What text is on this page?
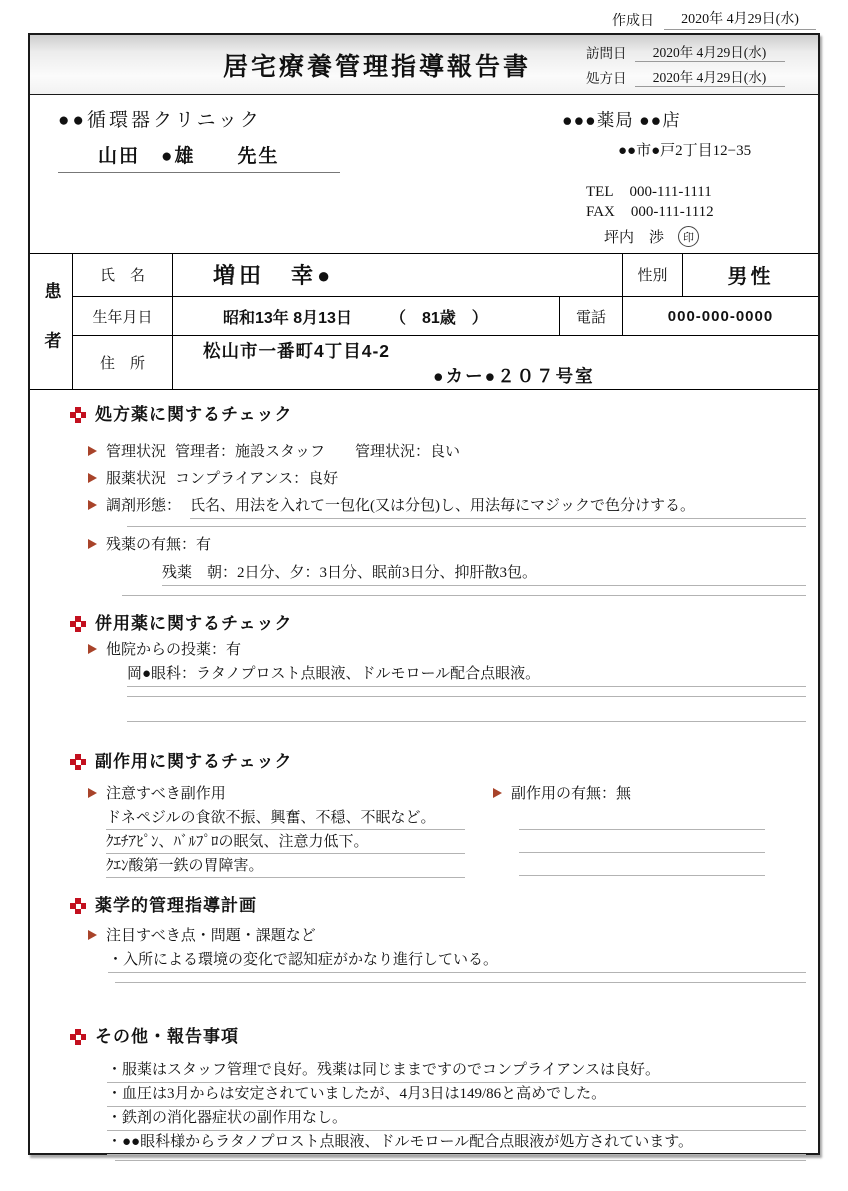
作成日	2020年 4月29日(水)
居宅療養管理指導報告書	訪問日	2020年 4月29日(水)
処方日	2020年 4月29日(水)
●●循環器クリニック
山田　●雄　　先生
●●●薬局 ●●店
●●市●戸2丁目12−35
TEL 000-111-1111
FAX 000-111-1112
坪内　渉	印
患者
氏　名	増田　幸●	性別	男性
生年月日	昭和13年 8月13日 （　81歳　）	電話	000-000-0000
住　所
松山市一番町4丁目4-2
●カー●２０７号室
処方薬に関するチェック
管理状況 管理者：施設スタッフ　　管理状況：良い
服薬状況 コンプライアンス：良好
調剤形態： 氏名、用法を入れて一包化(又は分包)し、用法毎にマジックで色分けする。
残薬の有無：有
残薬　朝：2日分、夕：3日分、眠前3日分、抑肝散3包。
併用薬に関するチェック
他院からの投薬：有
岡●眼科：ラタノプロスト点眼液、ドルモロール配合点眼液。
副作用に関するチェック
注意すべき副作用
ドネペジルの食欲不振、興奮、不穏、不眠など。
ｸｴﾁｱﾋﾟﾝ、ﾊﾞﾙﾌﾟﾛの眠気、注意力低下。
ｸｴﾝ酸第一鉄の胃障害。
副作用の有無：無
薬学的管理指導計画
注目すべき点・問題・課題など
・入所による環境の変化で認知症がかなり進行している。
その他・報告事項
・服薬はスタッフ管理で良好。残薬は同じままですのでコンプライアンスは良好。
・血圧は3月からは安定されていましたが、4月3日は149/86と高めでした。
・鉄剤の消化器症状の副作用なし。
・●●眼科様からラタノプロスト点眼液、ドルモロール配合点眼液が処方されています。
